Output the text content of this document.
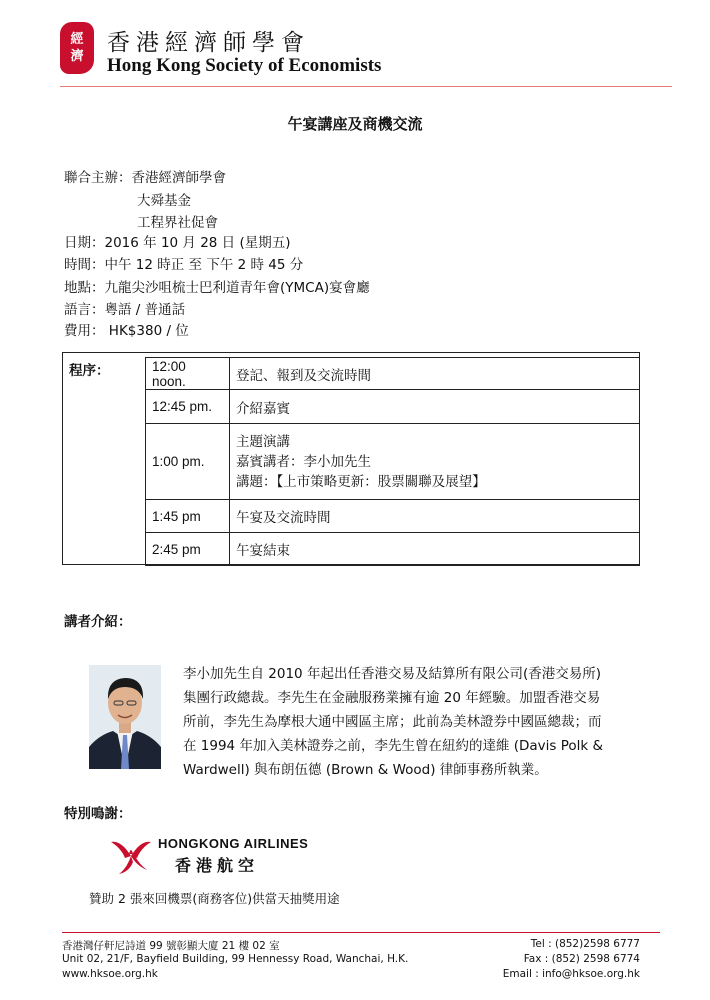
經
濟
香港經濟師學會
Hong Kong Society of Economists
午宴講座及商機交流
聯合主辦：香港經濟師學會
大舜基金
工程界社促會
日期：2016 年 10 月 28 日 (星期五)
時間：中午 12 時正 至 下午 2 時 45 分
地點：九龍尖沙咀梳士巴利道青年會(YMCA)宴會廳
語言：粵語 / 普通話
費用： HK$380 / 位
程序：	12:00 noon.	登記、報到及交流時間
12:45 pm.	介紹嘉賓
1:00 pm.	主題演講
嘉賓講者：李小加先生
講題：【上市策略更新：股票關聯及展望】

1:45 pm	午宴及交流時間
2:45 pm	午宴結束
講者介紹：
李小加先生自 2010 年起出任香港交易及結算所有限公司(香港交易所)
集團行政總裁。李先生在金融服務業擁有逾 20 年經驗。加盟香港交易
所前，李先生為摩根大通中國區主席；此前為美林證券中國區總裁；而
在 1994 年加入美林證券之前，李先生曾在紐約的達維 (Davis Polk &
Wardwell) 與布朗伍德 (Brown & Wood) 律師事務所執業。
特別鳴謝：
HONGKONG AIRLINES
香港航空
贊助 2 張來回機票(商務客位)供當天抽獎用途
香港灣仔軒尼詩道 99 號彰顯大廈 21 樓 02 室
Unit 02, 21/F, Bayfield Building, 99 Hennessy Road, Wanchai, H.K.
www.hksoe.org.hk
Tel : (852)2598 6777
Fax : (852) 2598 6774
Email : info@hksoe.org.hk
